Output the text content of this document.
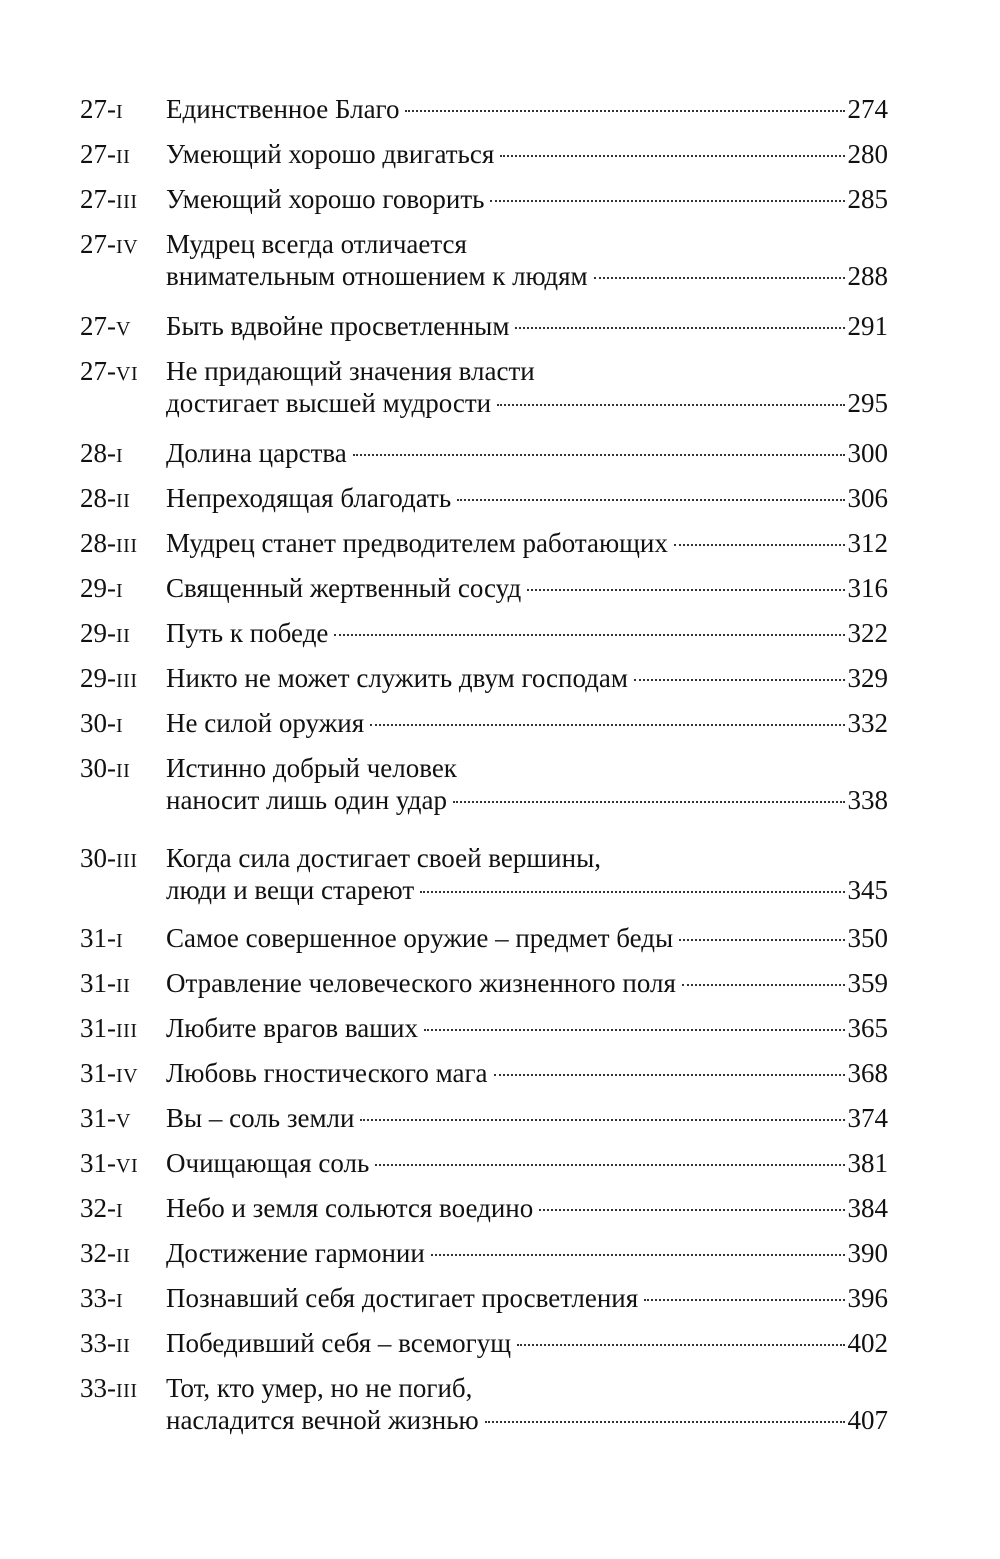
27-I	Единственное Благо	274
27-II	Умеющий хорошо двигаться	280
27-III	Умеющий хорошо говорить	285
27-IV	Мудрец всегда отличается
внимательным отношением к людям	288
27-V	Быть вдвойне просветленным	291
27-VI	Не придающий значения власти
достигает высшей мудрости	295
28-I	Долина царства	300
28-II	Непреходящая благодать	306
28-III	Мудрец станет предводителем работающих	312
29-I	Священный жертвенный сосуд	316
29-II	Путь к победе	322
29-III	Никто не может служить двум господам	329
30-I	Не силой оружия	332
30-II	Истинно добрый человек
наносит лишь один удар	338
30-III	Когда сила достигает своей вершины,
люди и вещи стареют	345
31-I	Самое совершенное оружие – предмет беды	350
31-II	Отравление человеческого жизненного поля	359
31-III	Любите врагов ваших	365
31-IV	Любовь гностического мага	368
31-V	Вы – соль земли	374
31-VI	Очищающая соль	381
32-I	Небо и земля сольются воедино	384
32-II	Достижение гармонии	390
33-I	Познавший себя достигает просветления	396
33-II	Победивший себя – всемогущ	402
33-III	Тот, кто умер, но не погиб,
насладится вечной жизнью	407
